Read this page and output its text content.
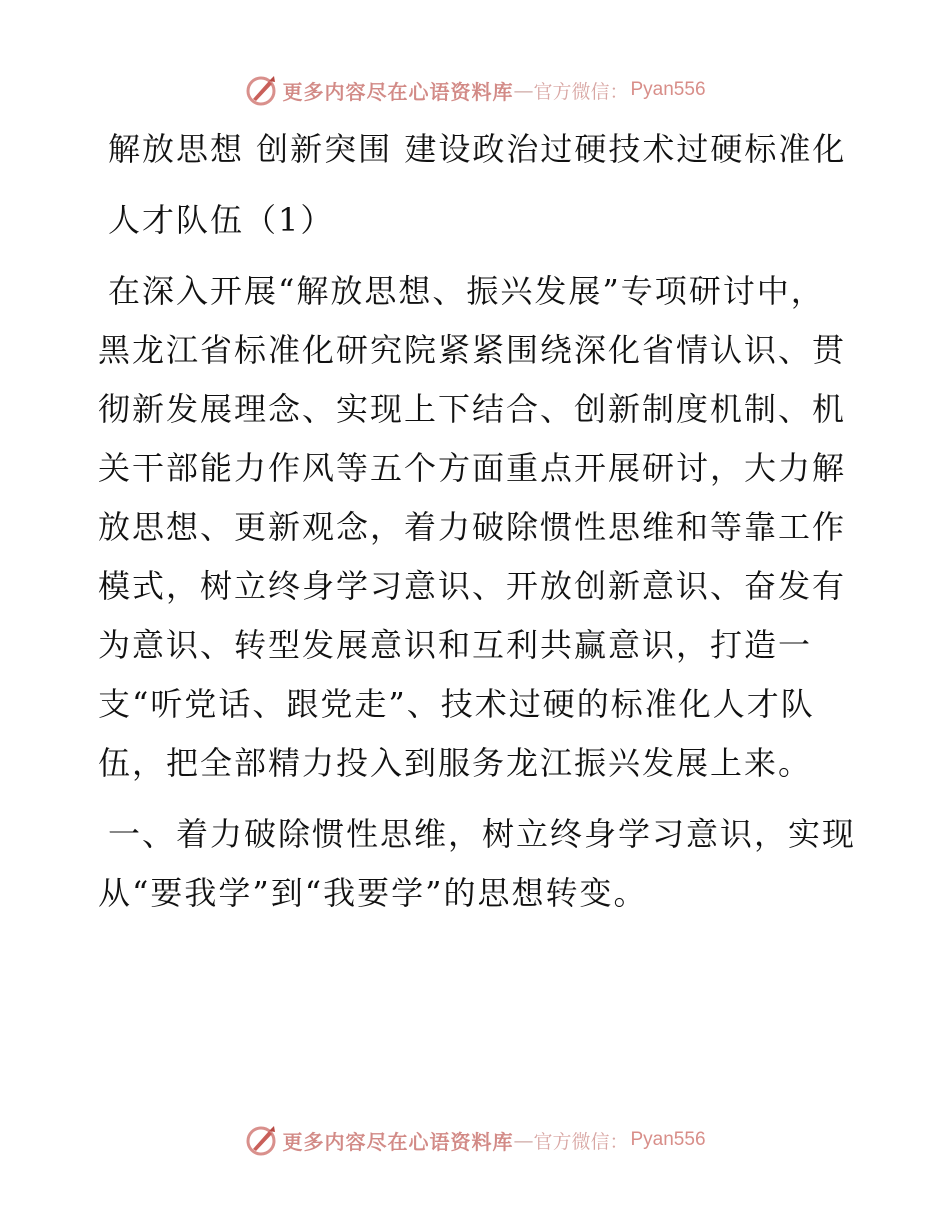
更多内容尽在心语资料库 — 官方微信： Pyan556

解放思想 创新突围 建设政治过硬技术过硬标准化

人才队伍（1）

在深入开展“解放思想、振兴发展”专项研讨中，黑龙江省标准化研究院紧紧围绕深化省情认识、贯彻新发展理念、实现上下结合、创新制度机制、机关干部能力作风等五个方面重点开展研讨，大力解放思想、更新观念，着力破除惯性思维和等靠工作模式，树立终身学习意识、开放创新意识、奋发有为意识、转型发展意识和互利共赢意识，打造一支“听党话、跟党走”、技术过硬的标准化人才队伍，把全部精力投入到服务龙江振兴发展上来。

一、着力破除惯性思维，树立终身学习意识，实现从“要我学”到“我要学”的思想转变。

更多内容尽在心语资料库 — 官方微信： Pyan556
